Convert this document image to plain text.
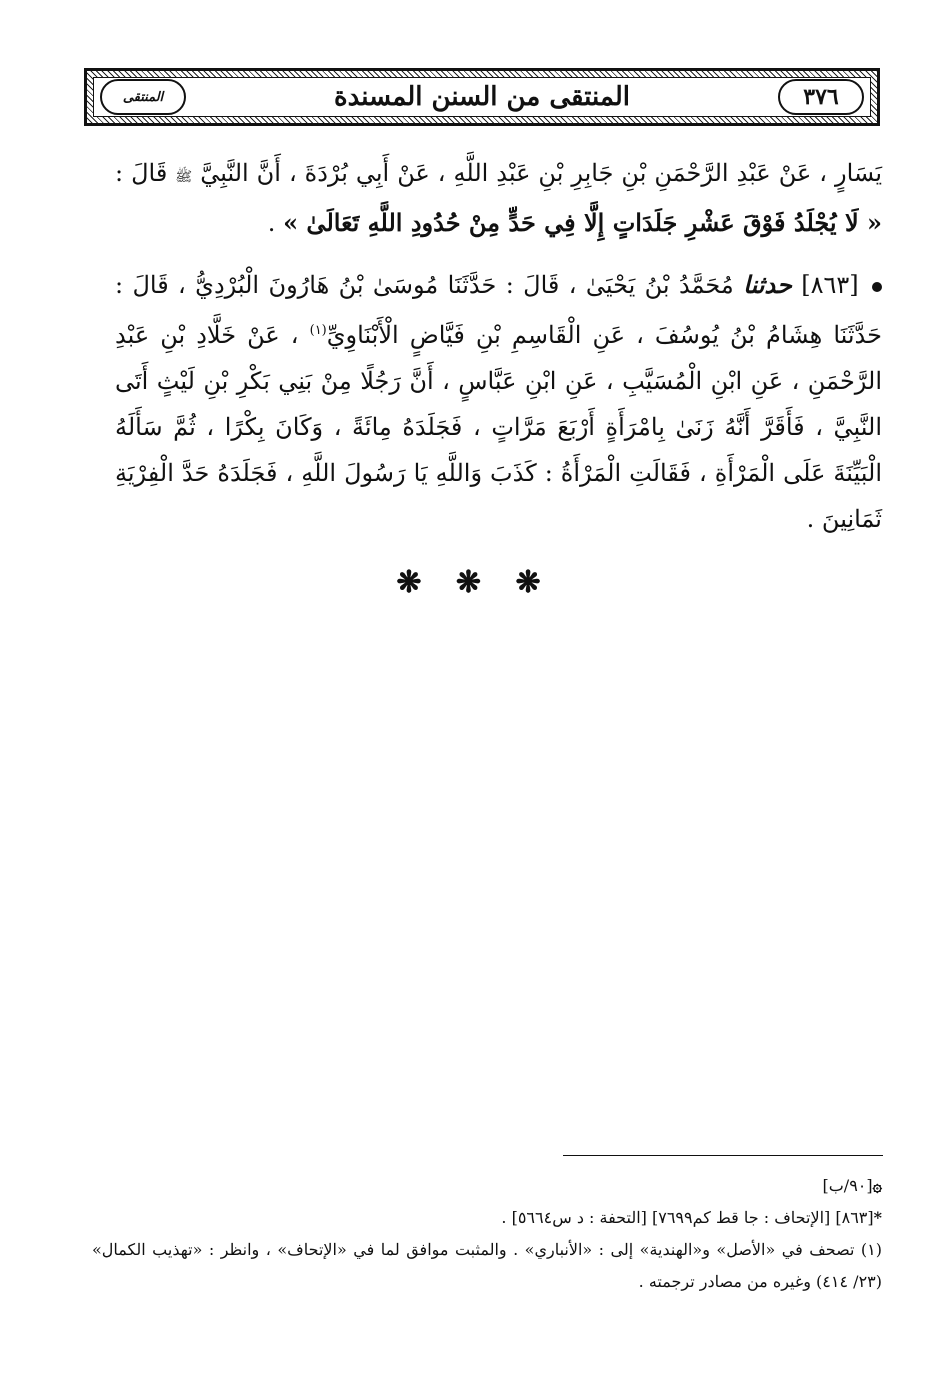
المنتقى	المنتقى من السنن المسندة	٣٧٦

يَسَارٍ ، عَنْ عَبْدِ الرَّحْمَنِ بْنِ جَابِرِ بْنِ عَبْدِ اللَّهِ ، عَنْ أَبِي بُرْدَةَ ، أَنَّ النَّبِيَّ ﷺ قَالَ : « لَا يُجْلَدُ فَوْقَ عَشْرِ جَلَدَاتٍ إِلَّا فِي حَدٍّ مِنْ حُدُودِ اللَّهِ تَعَالَىٰ » .

[٨٦٣] حدثنا مُحَمَّدُ بْنُ يَحْيَىٰ ، قَالَ : حَدَّثَنَا مُوسَىٰ بْنُ هَارُونَ الْبُرْدِيُّ ، قَالَ : حَدَّثَنَا هِشَامُ بْنُ يُوسُفَ ، عَنِ الْقَاسِمِ بْنِ فَيَّاضٍ الْأَبْنَاوِيِّ$^{(١)}$ ، عَنْ خَلَّادِ بْنِ عَبْدِ الرَّحْمَنِ ، عَنِ ابْنِ الْمُسَيَّبِ ، عَنِ ابْنِ عَبَّاسٍ ، أَنَّ رَجُلًا مِنْ بَنِي بَكْرِ بْنِ لَيْثٍ أَتَى النَّبِيَّ ، فَأَقَرَّ أَنَّهُ زَنَىٰ بِامْرَأَةٍ أَرْبَعَ مَرَّاتٍ ، فَجَلَدَهُ مِائَةً ، وَكَانَ بِكْرًا ، ثُمَّ سَأَلَهُ الْبَيِّنَةَ عَلَى الْمَرْأَةِ ، فَقَالَتِ الْمَرْأَةُ : كَذَبَ وَاللَّهِ يَا رَسُولَ اللَّهِ ، فَجَلَدَهُ حَدَّ الْفِرْيَةِ ثَمَانِينَ .

❋ ❋ ❋

۞[٩٠/ب]

*[٨٦٣] [الإتحاف : جا قط كم٧٦٩٩] [التحفة : د س٥٦٦٤] .

(١) تصحف في «الأصل» و«الهندية» إلى : «الأنباري» . والمثبت موافق لما في «الإتحاف» ، وانظر : «تهذيب الكمال» (٢٣/ ٤١٤) وغيره من مصادر ترجمته .
